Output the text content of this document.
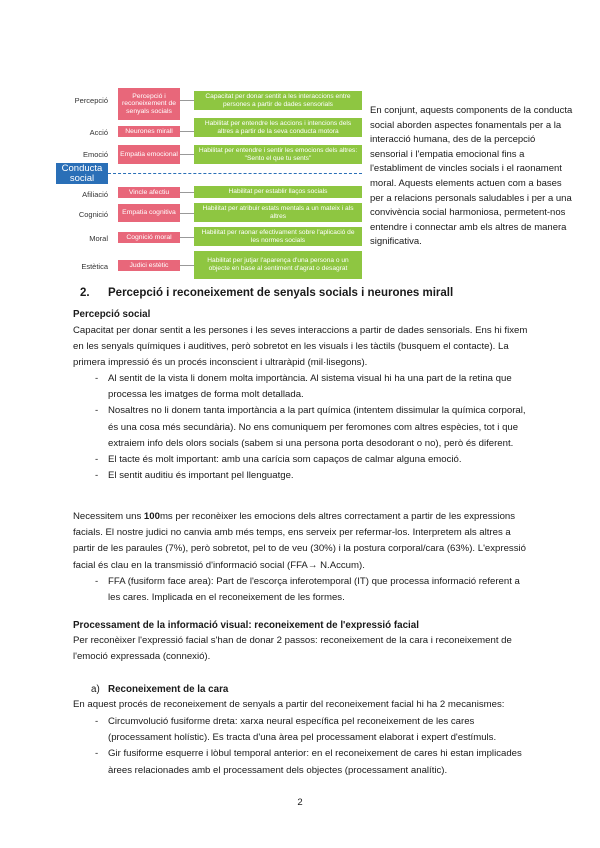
Percepció
Acció
Emoció
Afiliació
Cognició
Moral
Estètica
Percepció i reconeixement de senyals socials
Neurones mirall
Empatia emocional
Vincle afectiu
Empatia cognitiva
Cognició moral
Judici estètic
Capacitat per donar sentit a les interaccions entre persones a partir de dades sensorials
Habilitat per entendre les accions i intencions dels altres a partir de la seva conducta motora
Habilitat per entendre i sentir les emocions dels altres: "Sento el que tu sents"
Habilitat per establir llaços socials
Habilitat per atribuir estats mentals a un mateix i als altres
Habilitat per raonar efectivament sobre l'aplicació de les normes socials
Habilitat per jutjar l'aparença d'una persona o un objecte en base al sentiment d'agrat o desagrat
Conducta social
En conjunt, aquests components de la conducta social aborden aspectes fonamentals per a la interacció humana, des de la percepció sensorial i l'empatia emocional fins a l'establiment de vincles socials i el raonament moral. Aquests elements actuen com a bases per a relacions personals saludables i per a una convivència social harmoniosa, permetent-nos entendre i connectar amb els altres de manera significativa.
2. Percepció i reconeixement de senyals socials i neurones mirall
Percepció social
Capacitat per donar sentit a les persones i les seves interaccions a partir de dades sensorials. Ens hi fixem en les senyals químiques i auditives, però sobretot en les visuals i les tàctils (busquem el contacte). La primera impressió és un procés inconscient i ultraràpid (mil·lisegons).
- Al sentit de la vista li donem molta importància. Al sistema visual hi ha una part de la retina que processa les imatges de forma molt detallada.
- Nosaltres no li donem tanta importància a la part química (intentem dissimular la química corporal, és una cosa més secundària). No ens comuniquem per feromones com altres espècies, tot i que extraiem info dels olors socials (sabem si una persona porta desodorant o no), però és diferent.
- El tacte és molt important: amb una carícia som capaços de calmar alguna emoció.
- El sentit auditiu és important pel llenguatge.
Necessitem uns 100ms per reconèixer les emocions dels altres correctament a partir de les expressions facials. El nostre judici no canvia amb més temps, ens serveix per refermar-los. Interpretem als altres a partir de les paraules (7%), però sobretot, pel to de veu (30%) i la postura corporal/cara (63%). L'expressió facial és clau en la transmissió d'informació social (FFA→ N.Accum).
- FFA (fusiform face area): Part de l'escorça inferotemporal (IT) que processa informació referent a les cares. Implicada en el reconeixement de les formes.
Processament de la informació visual: reconeixement de l'expressió facial
Per reconèixer l'expressió facial s'han de donar 2 passos: reconeixement de la cara i reconeixement de l'emoció expressada (connexió).
a) Reconeixement de la cara
En aquest procés de reconeixement de senyals a partir del reconeixement facial hi ha 2 mecanismes:
- Circumvolució fusiforme dreta: xarxa neural específica pel reconeixement de les cares (processament holístic). Es tracta d'una àrea pel processament elaborat i expert d'estímuls.
- Gir fusiforme esquerre i lòbul temporal anterior: en el reconeixement de cares hi estan implicades àrees relacionades amb el processament dels objectes (processament analític).
2
